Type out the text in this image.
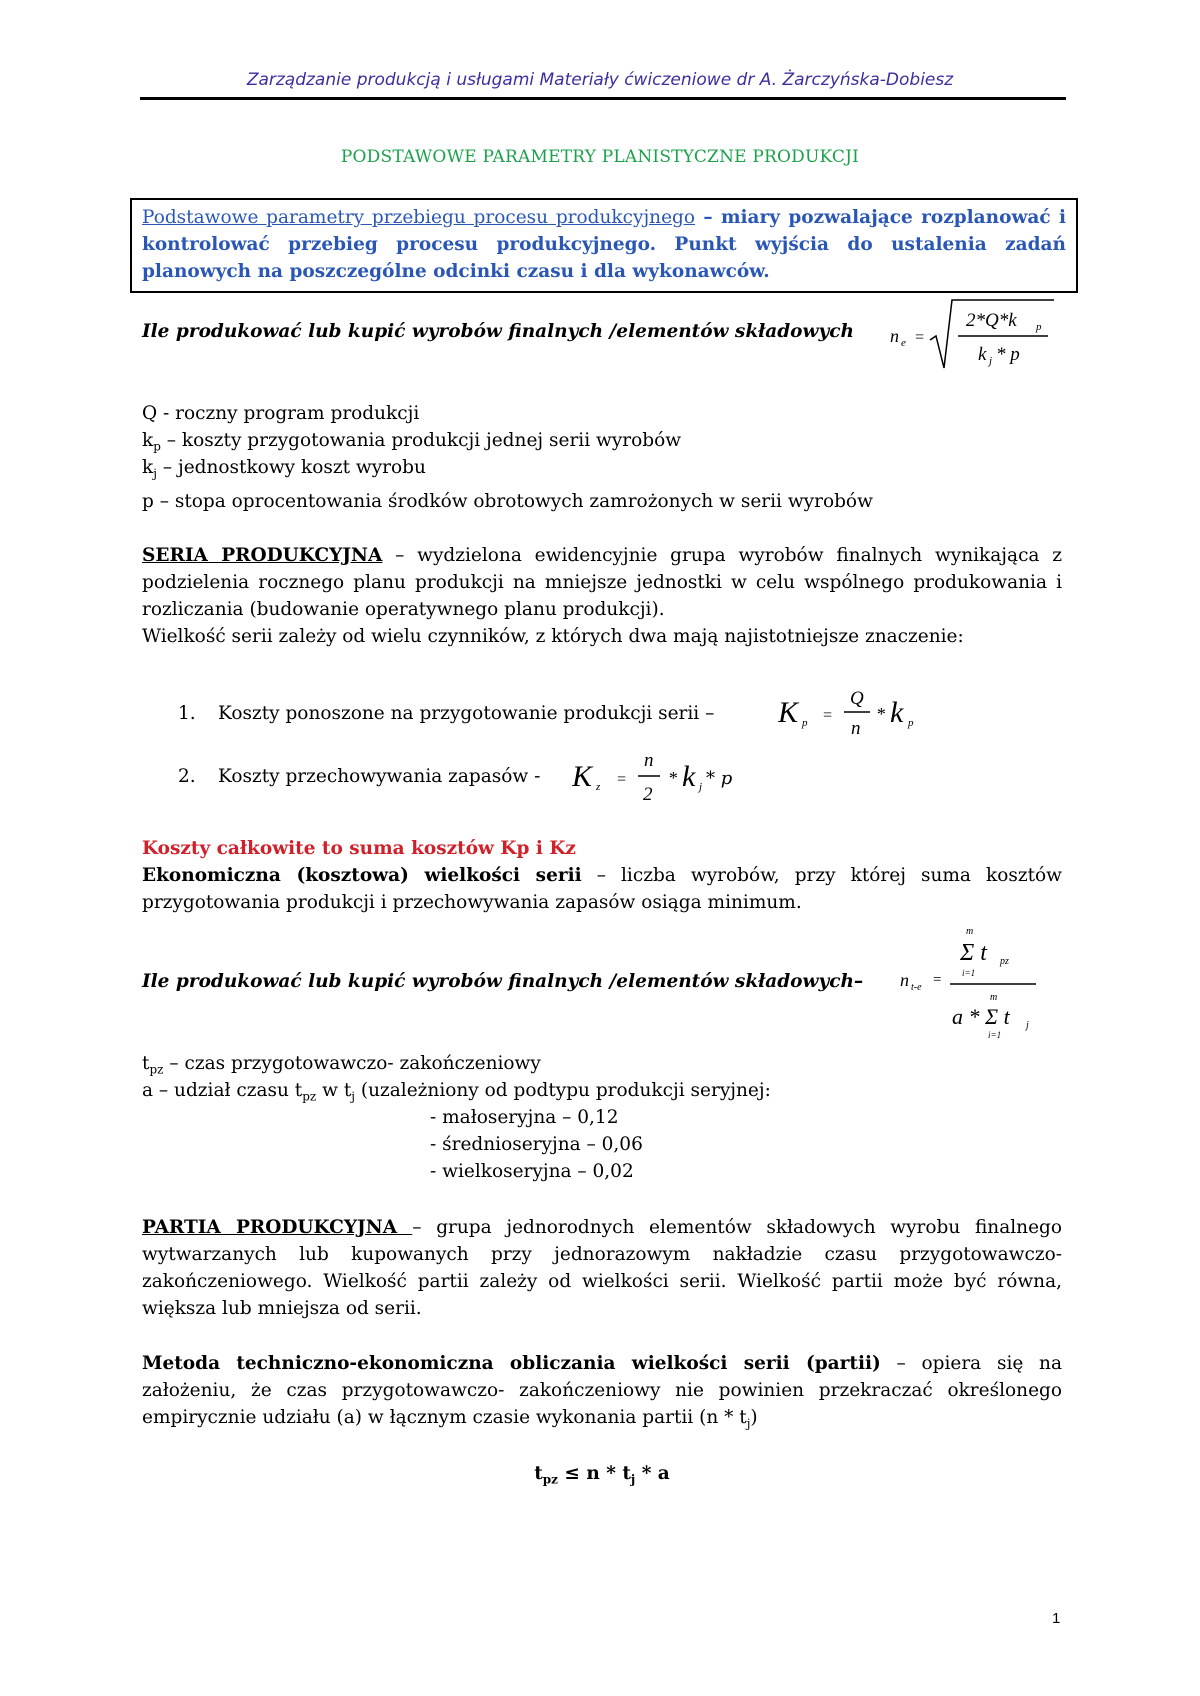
Zarządzanie produkcją i usługami Materiały ćwiczeniowe dr A. Żarczyńska-Dobiesz
PODSTAWOWE PARAMETRY PLANISTYCZNE PRODUKCJI
Podstawowe parametry przebiegu procesu produkcyjnego – miary pozwalające rozplanować i kontrolować przebieg procesu produkcyjnego. Punkt wyjścia do ustalenia zadań planowych na poszczególne odcinki czasu i dla wykonawców.
Ile produkować lub kupić wyrobów finalnych /elementów składowych	n e =
2*Q*k p
k j * p
Q - roczny program produkcji
$k_p$ – koszty przygotowania produkcji jednej serii wyrobów
$k_j$ – jednostkowy koszt wyrobu
p – stopa oprocentowania środków obrotowych zamrożonych w serii wyrobów
SERIA PRODUKCYJNA – wydzielona ewidencyjnie grupa wyrobów finalnych wynikająca z podzielenia rocznego planu produkcji na mniejsze jednostki w celu wspólnego produkowania i rozliczania (budowanie operatywnego planu produkcji).
Wielkość serii zależy od wielu czynników, z których dwa mają najistotniejsze znaczenie:
1.	Koszty ponoszone na przygotowanie produkcji serii –	K p =
Q
n
* k p
2.	Koszty przechowywania zapasów -	K z =
n
2
* k j * p
Koszty całkowite to suma kosztów Kp i Kz
Ekonomiczna (kosztowa) wielkości serii – liczba wyrobów, przy której suma kosztów przygotowania produkcji i przechowywania zapasów osiąga minimum.
Ile produkować lub kupić wyrobów finalnych /elementów składowych–	n t-e =
m
Σ t pz
i=1
m
a * Σ t j
i=1
$t_{pz}$ – czas przygotowawczo- zakończeniowy
a – udział czasu $t_{pz}$ w $t_j$ (uzależniony od podtypu produkcji seryjnej:
- małoseryjna – 0,12
- średnioseryjna – 0,06
- wielkoseryjna – 0,02
PARTIA PRODUKCYJNA – grupa jednorodnych elementów składowych wyrobu finalnego wytwarzanych lub kupowanych przy jednorazowym nakładzie czasu przygotowawczo-zakończeniowego. Wielkość partii zależy od wielkości serii. Wielkość partii może być równa, większa lub mniejsza od serii.
Metoda techniczno-ekonomiczna obliczania wielkości serii (partii) – opiera się na założeniu, że czas przygotowawczo- zakończeniowy nie powinien przekraczać określonego empirycznie udziału (a) w łącznym czasie wykonania partii $(n * t_j)$
$t_{pz} \le n * t_j * a$
1
